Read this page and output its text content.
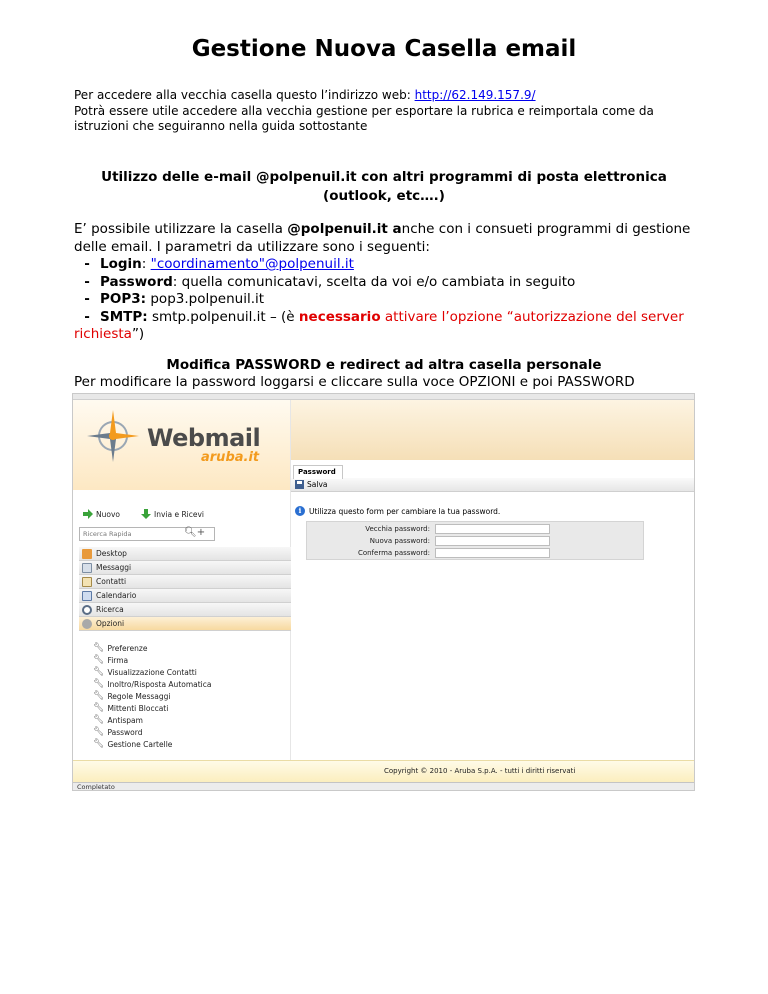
Gestione Nuova Casella email
Per accedere alla vecchia casella questo l’indirizzo web: http://62.149.157.9/
Potrà essere utile accedere alla vecchia gestione per esportare la rubrica e reimportala come da
istruzioni che seguiranno nella guida sottostante
Utilizzo delle e-mail @polpenuil.it con altri programmi di posta elettronica
(outlook, etc….)
E’ possibile utilizzare la casella @polpenuil.it anche con i consueti programmi di gestione delle email. I parametri da utilizzare sono i seguenti:
- Login: "coordinamento"@polpenuil.it
- Password: quella comunicatavi, scelta da voi e/o cambiata in seguito
- POP3: pop3.polpenuil.it
- SMTP: smtp.polpenuil.it – (è necessario attivare l’opzione “autorizzazione del server richiesta”)
Modifica PASSWORD e redirect ad altra casella personale
Per modificare la password loggarsi e cliccare sulla voce OPZIONI e poi PASSWORD
Webmail
aruba.it
Nuovo	Invia e Ricevi
Ricerca Rapida	🔍︎+
Desktop
Messaggi
Contatti
Calendario
Ricerca
Opzioni
🔧︎ Preferenze
🔧︎ Firma
🔧︎ Visualizzazione Contatti
🔧︎ Inoltro/Risposta Automatica
🔧︎ Regole Messaggi
🔧︎ Mittenti Bloccati
🔧︎ Antispam
🔧︎ Password
🔧︎ Gestione Cartelle
Password
Salva
i	Utilizza questo form per cambiare la tua password.
Vecchia password:
Nuova password:
Conferma password:
Copyright © 2010 - Aruba S.p.A. - tutti i diritti riservati
Completato
